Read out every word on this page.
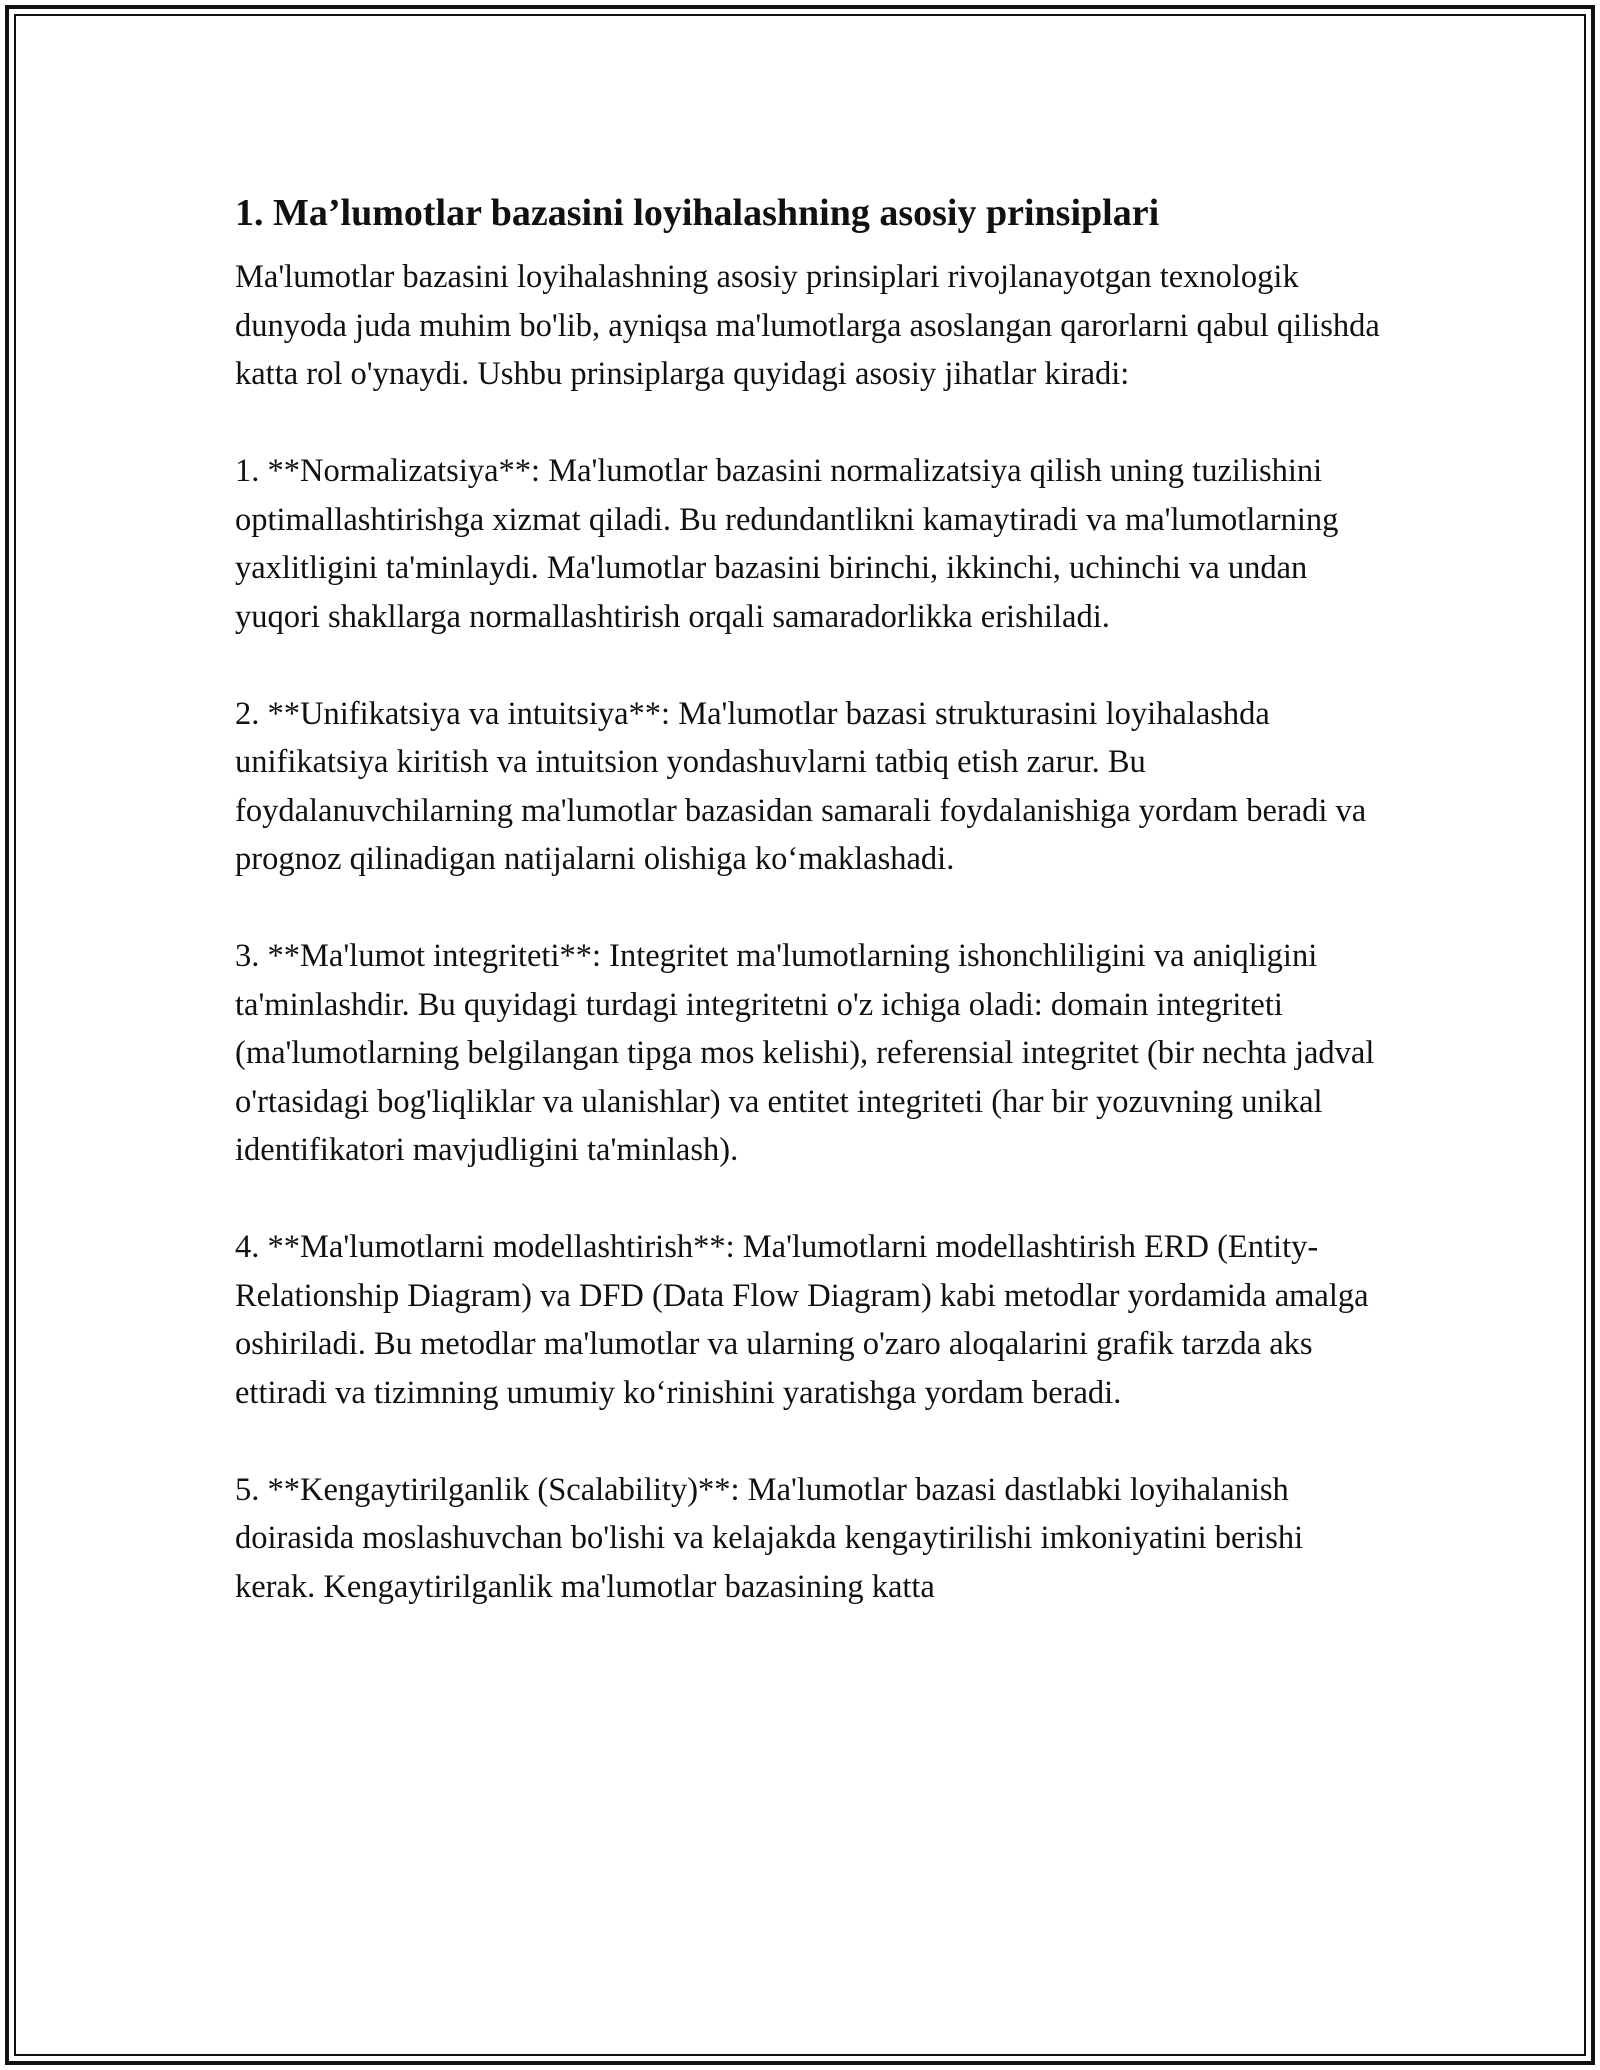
1. Ma’lumotlar bazasini loyihalashning asosiy prinsiplari

Ma'lumotlar bazasini loyihalashning asosiy prinsiplari rivojlanayotgan texnologik dunyoda juda muhim bo'lib, ayniqsa ma'lumotlarga asoslangan qarorlarni qabul qilishda katta rol o'ynaydi. Ushbu prinsiplarga quyidagi asosiy jihatlar kiradi:

1. **Normalizatsiya**: Ma'lumotlar bazasini normalizatsiya qilish uning tuzilishini optimallashtirishga xizmat qiladi. Bu redundantlikni kamaytiradi va ma'lumotlarning yaxlitligini ta'minlaydi. Ma'lumotlar bazasini birinchi, ikkinchi, uchinchi va undan yuqori shakllarga normallashtirish orqali samaradorlikka erishiladi.

2. **Unifikatsiya va intuitsiya**: Ma'lumotlar bazasi strukturasini loyihalashda unifikatsiya kiritish va intuitsion yondashuvlarni tatbiq etish zarur. Bu foydalanuvchilarning ma'lumotlar bazasidan samarali foydalanishiga yordam beradi va prognoz qilinadigan natijalarni olishiga ko‘maklashadi.

3. **Ma'lumot integriteti**: Integritet ma'lumotlarning ishonchliligini va aniqligini ta'minlashdir. Bu quyidagi turdagi integritetni o'z ichiga oladi: domain integriteti (ma'lumotlarning belgilangan tipga mos kelishi), referensial integritet (bir nechta jadval o'rtasidagi bog'liqliklar va ulanishlar) va entitet integriteti (har bir yozuvning unikal identifikatori mavjudligini ta'minlash).

4. **Ma'lumotlarni modellashtirish**: Ma'lumotlarni modellashtirish ERD (Entity-Relationship Diagram) va DFD (Data Flow Diagram) kabi metodlar yordamida amalga oshiriladi. Bu metodlar ma'lumotlar va ularning o'zaro aloqalarini grafik tarzda aks ettiradi va tizimning umumiy ko‘rinishini yaratishga yordam beradi.

5. **Kengaytirilganlik (Scalability)**: Ma'lumotlar bazasi dastlabki loyihalanish doirasida moslashuvchan bo'lishi va kelajakda kengaytirilishi imkoniyatini berishi kerak. Kengaytirilganlik ma'lumotlar bazasining katta
